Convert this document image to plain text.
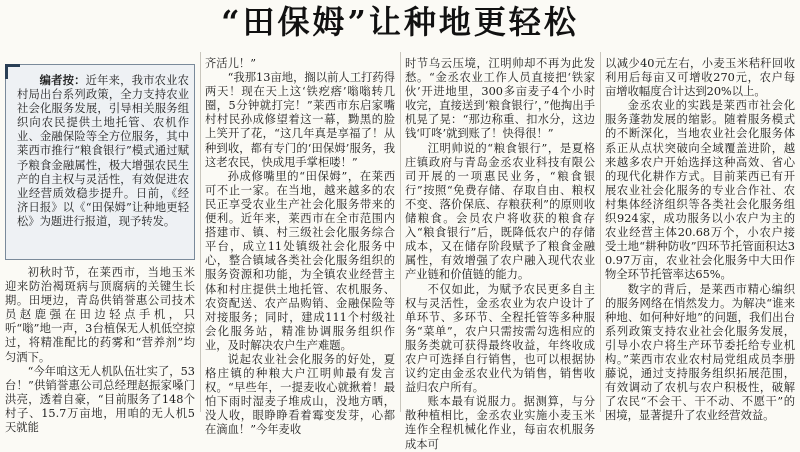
“田保姆”让种地更轻松
编者按：近年来，我市农业农村局出台系列政策，全力支持农业社会化服务发展，引导相关服务组织向农民提供土地托管、农机作业、金融保险等全方位服务，其中莱西市推行“粮食银行”模式通过赋予粮食金融属性，极大增强农民生产的自主权与灵活性，有效促进农业经营质效稳步提升。日前，《经济日报》以《“田保姆”让种地更轻松》为题进行报道，现予转发。

初秋时节，在莱西市，当地玉米迎来防治褐斑病与顶腐病的关键生长期。田埂边，青岛供销誉惠公司技术员赵鹿强在田边轻点手机，只听“嗡”地一声，3台植保无人机低空掠过，将精准配比的药雾和“营养剂”均匀洒下。

“今年咱这无人机队伍壮实了，53台！”供销誉惠公司总经理赵振家嗓门洪亮，透着自豪，“目前服务了148个村子、15.7万亩地，用咱的无人机5天就能

齐活儿！”

“我那13亩地，搁以前人工打药得两天！现在天上这‘铁疙瘩’嗡嗡转几圈，5分钟就打完！”莱西市东启家嘴村村民孙成修望着这一幕，黝黑的脸上笑开了花，“这几年真是享福了！从种到收，都有专门的‘田保姆’服务，我这老农民，快成甩手掌柜喽！”

孙成修嘴里的“田保姆”，在莱西可不止一家。在当地，越来越多的农民正享受农业生产社会化服务带来的便利。近年来，莱西市在全市范围内搭建市、镇、村三级社会化服务综合平台，成立11处镇级社会化服务中心，整合镇域各类社会化服务组织的服务资源和功能，为全镇农业经营主体和村庄提供土地托管、农机服务、农资配送、农产品购销、金融保险等对接服务；同时，建成111个村级社会化服务站，精准协调服务组织作业，及时解决农户生产难题。

说起农业社会化服务的好处，夏格庄镇的种粮大户江明帅最有发言权。“早些年，一提麦收心就揪着！最怕下雨时湿麦子堆成山，没地方晒，没人收，眼睁睁看着霉变发芽，心都在滴血！”今年麦收

时节乌云压境，江明帅却不再为此发愁。“金丞农业工作人员直接把‘铁家伙’开进地里，300多亩麦子4个小时收完，直接送到‘粮食银行’，”他掏出手机晃了晃：“那边称重、扣水分，这边钱‘叮咚’就到账了！快得很！”

江明帅说的“粮食银行”，是夏格庄镇政府与青岛金丞农业科技有限公司开展的一项惠民业务，“粮食银行”按照“免费存储、存取自由、粮权不变、落价保底、存粮获利”的原则收储粮食。会员农户将收获的粮食存入“粮食银行”后，既降低农户的存储成本，又在储存阶段赋予了粮食金融属性，有效增强了农户融入现代农业产业链和价值链的能力。

不仅如此，为赋予农民更多自主权与灵活性，金丞农业为农户设计了单环节、多环节、全程托管等多种服务“菜单”，农户只需按需勾选相应的服务类就可获得最终收益，年终收成农户可选择自行销售，也可以根据协议约定由金丞农业代为销售，销售收益归农户所有。

账本最有说服力。据测算，与分散种植相比，金丞农业实施小麦玉米连作全程机械化作业，每亩农机服务成本可

以减少40元左右，小麦玉米秸秆回收利用后每亩又可增收270元，农户每亩增收幅度合计达到20%以上。

金丞农业的实践是莱西市社会化服务蓬勃发展的缩影。随着服务模式的不断深化，当地农业社会化服务体系正从点状突破向全域覆盖进阶，越来越多农户开始选择这种高效、省心的现代化耕作方式。目前莱西已有开展农业社会化服务的专业合作社、农村集体经济组织等各类社会化服务组织924家，成功服务以小农户为主的农业经营主体20.68万个，小农户接受土地“耕种防收”四环节托管面积达30.97万亩，农业社会化服务中大田作物全环节托管率达65%。

数字的背后，是莱西市精心编织的服务网络在悄然发力。为解决“谁来种地、如何种好地”的问题，我们出台系列政策支持农业社会化服务发展，引导小农户将生产环节委托给专业机构。”莱西市农业农村局党组成员李册藤说，通过支持服务组织拓展范围，有效调动了农机与农户积极性，破解了农民“不会干、干不动、不愿干”的困境，显著提升了农业经营效益。
